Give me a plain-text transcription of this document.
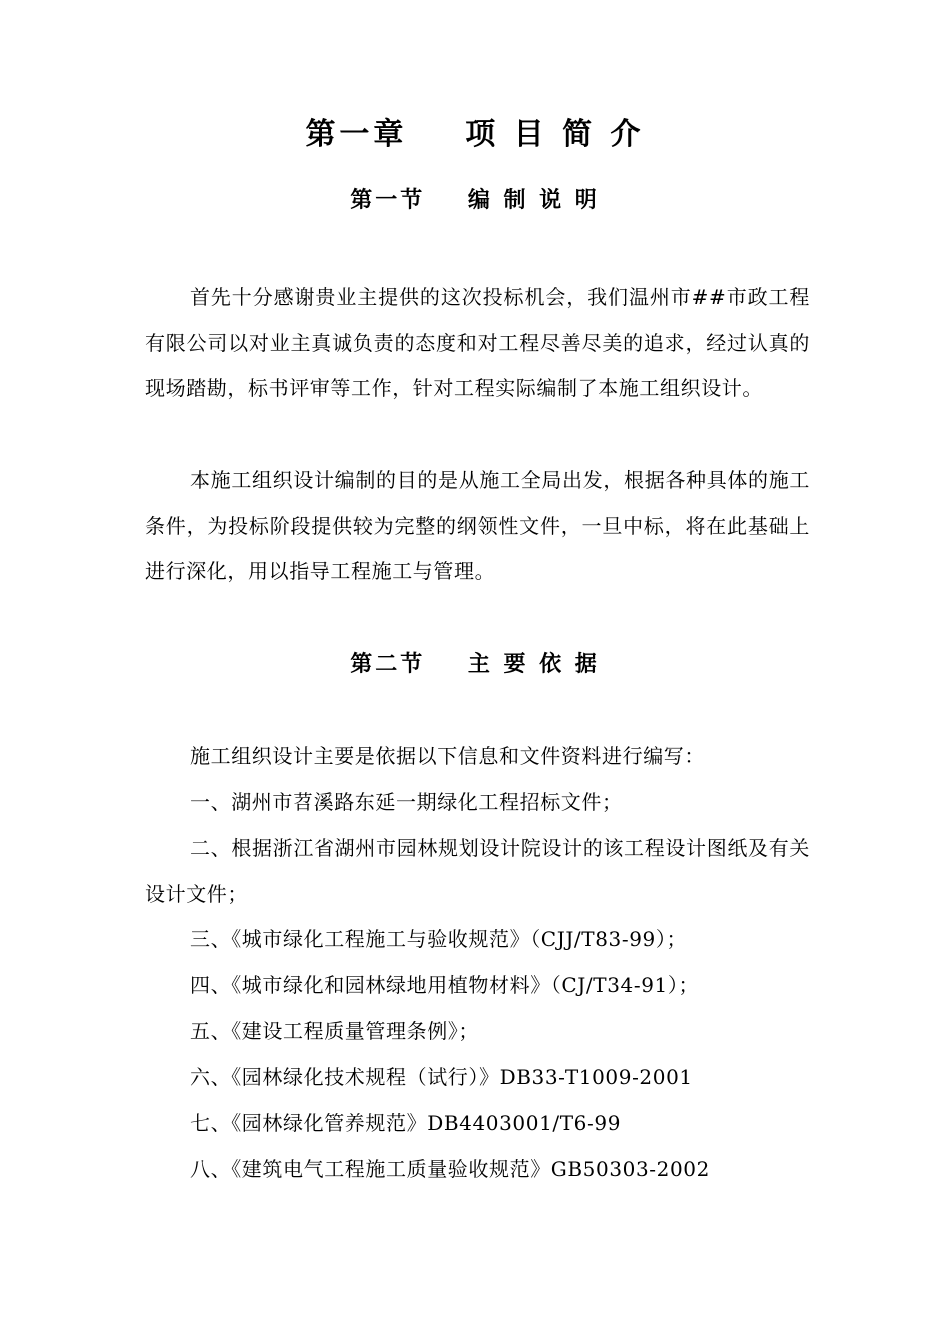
第一章    项 目 简 介
第一节    编 制 说 明

首先十分感谢贵业主提供的这次投标机会，我们温州市##市政工程有限公司以对业主真诚负责的态度和对工程尽善尽美的追求，经过认真的现场踏勘，标书评审等工作，针对工程实际编制了本施工组织设计。

本施工组织设计编制的目的是从施工全局出发，根据各种具体的施工条件，为投标阶段提供较为完整的纲领性文件，一旦中标，将在此基础上进行深化，用以指导工程施工与管理。

第二节    主 要 依 据

施工组织设计主要是依据以下信息和文件资料进行编写：

一、湖州市苕溪路东延一期绿化工程招标文件；

二、根据浙江省湖州市园林规划设计院设计的该工程设计图纸及有关设计文件；

三、《城市绿化工程施工与验收规范》（CJJ/T83-99）；

四、《城市绿化和园林绿地用植物材料》（CJ/T34-91）；

五、《建设工程质量管理条例》；

六、《园林绿化技术规程（试行）》DB33-T1009-2001

七、《园林绿化管养规范》DB4403001/T6-99

八、《建筑电气工程施工质量验收规范》GB50303-2002
